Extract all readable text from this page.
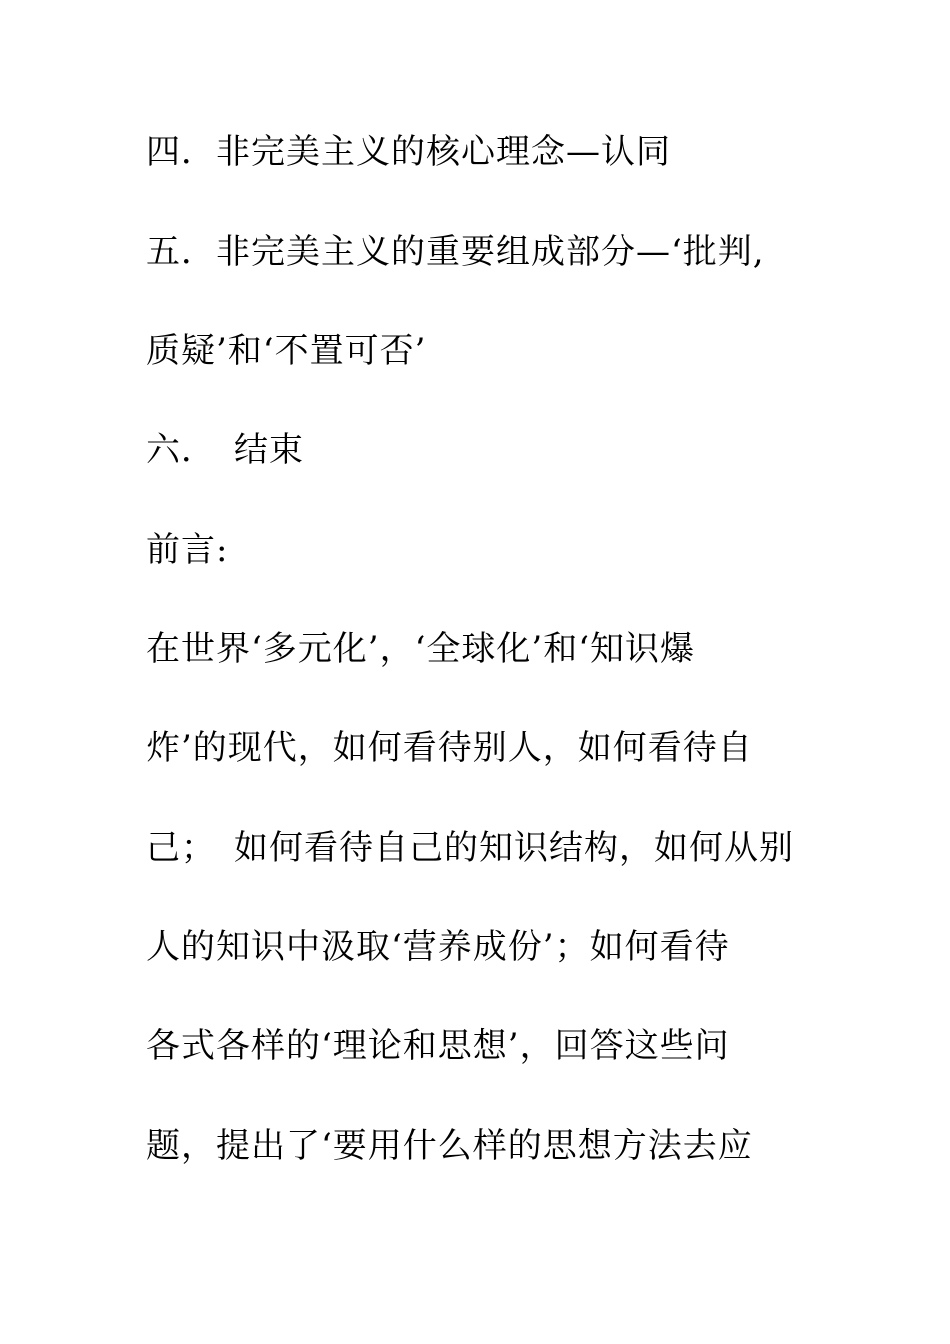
四．非完美主义的核心理念—认同
五．非完美主义的重要组成部分—‘批判,
质疑’和‘不置可否’
六．　结束
前言:
在世界‘多元化’，‘全球化’和‘知识爆
炸’的现代，如何看待别人，如何看待自
己；　如何看待自己的知识结构，如何从别
人的知识中汲取‘营养成份’；如何看待
各式各样的‘理论和思想’，回答这些问
题，提出了‘要用什么样的思想方法去应
